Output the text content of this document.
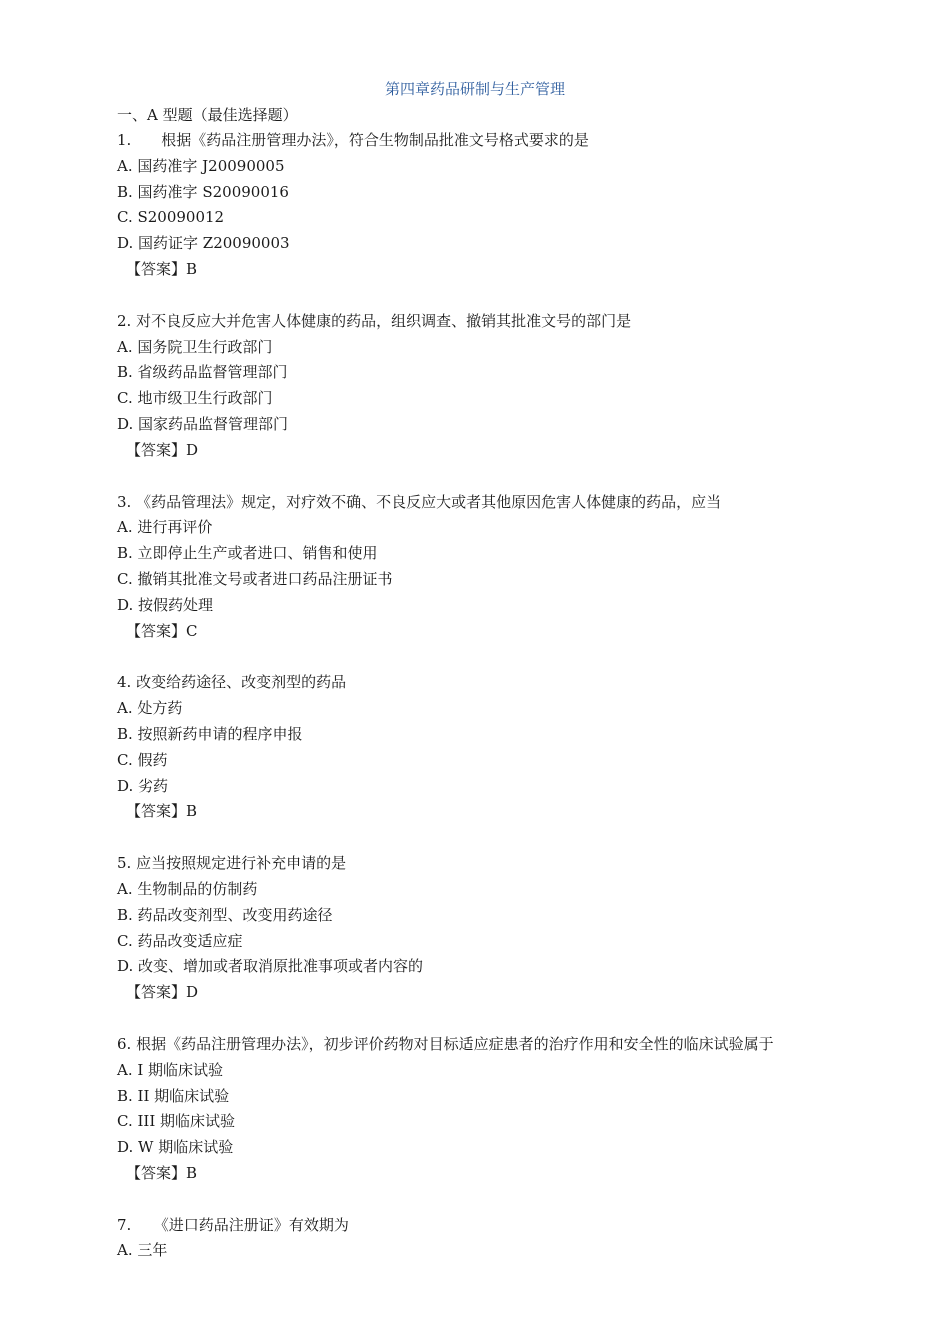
第四章药品研制与生产管理
一、A 型题（最佳选择题）
1.　　根据《药品注册管理办法》，符合生物制品批准文号格式要求的是
A. 国药准字 J20090005
B. 国药准字 S20090016
C. S20090012
D. 国药证字 Z20090003
【答案】B
2. 对不良反应大并危害人体健康的药品，组织调查、撤销其批准文号的部门是
A. 国务院卫生行政部门
B. 省级药品监督管理部门
C. 地市级卫生行政部门
D. 国家药品监督管理部门
【答案】D
3. 《药品管理法》规定，对疗效不确、不良反应大或者其他原因危害人体健康的药品，应当
A. 进行再评价
B. 立即停止生产或者进口、销售和使用
C. 撤销其批准文号或者进口药品注册证书
D. 按假药处理
【答案】C
4. 改变给药途径、改变剂型的药品
A. 处方药
B. 按照新药申请的程序申报
C. 假药
D. 劣药
【答案】B
5. 应当按照规定进行补充申请的是
A. 生物制品的仿制药
B. 药品改变剂型、改变用药途径
C. 药品改变适应症
D. 改变、增加或者取消原批准事项或者内容的
【答案】D
6. 根据《药品注册管理办法》，初步评价药物对目标适应症患者的治疗作用和安全性的临床试验属于
A. I 期临床试验
B. II 期临床试验
C. III 期临床试验
D. W 期临床试验
【答案】B
7.　　《进口药品注册证》有效期为
A. 三年
